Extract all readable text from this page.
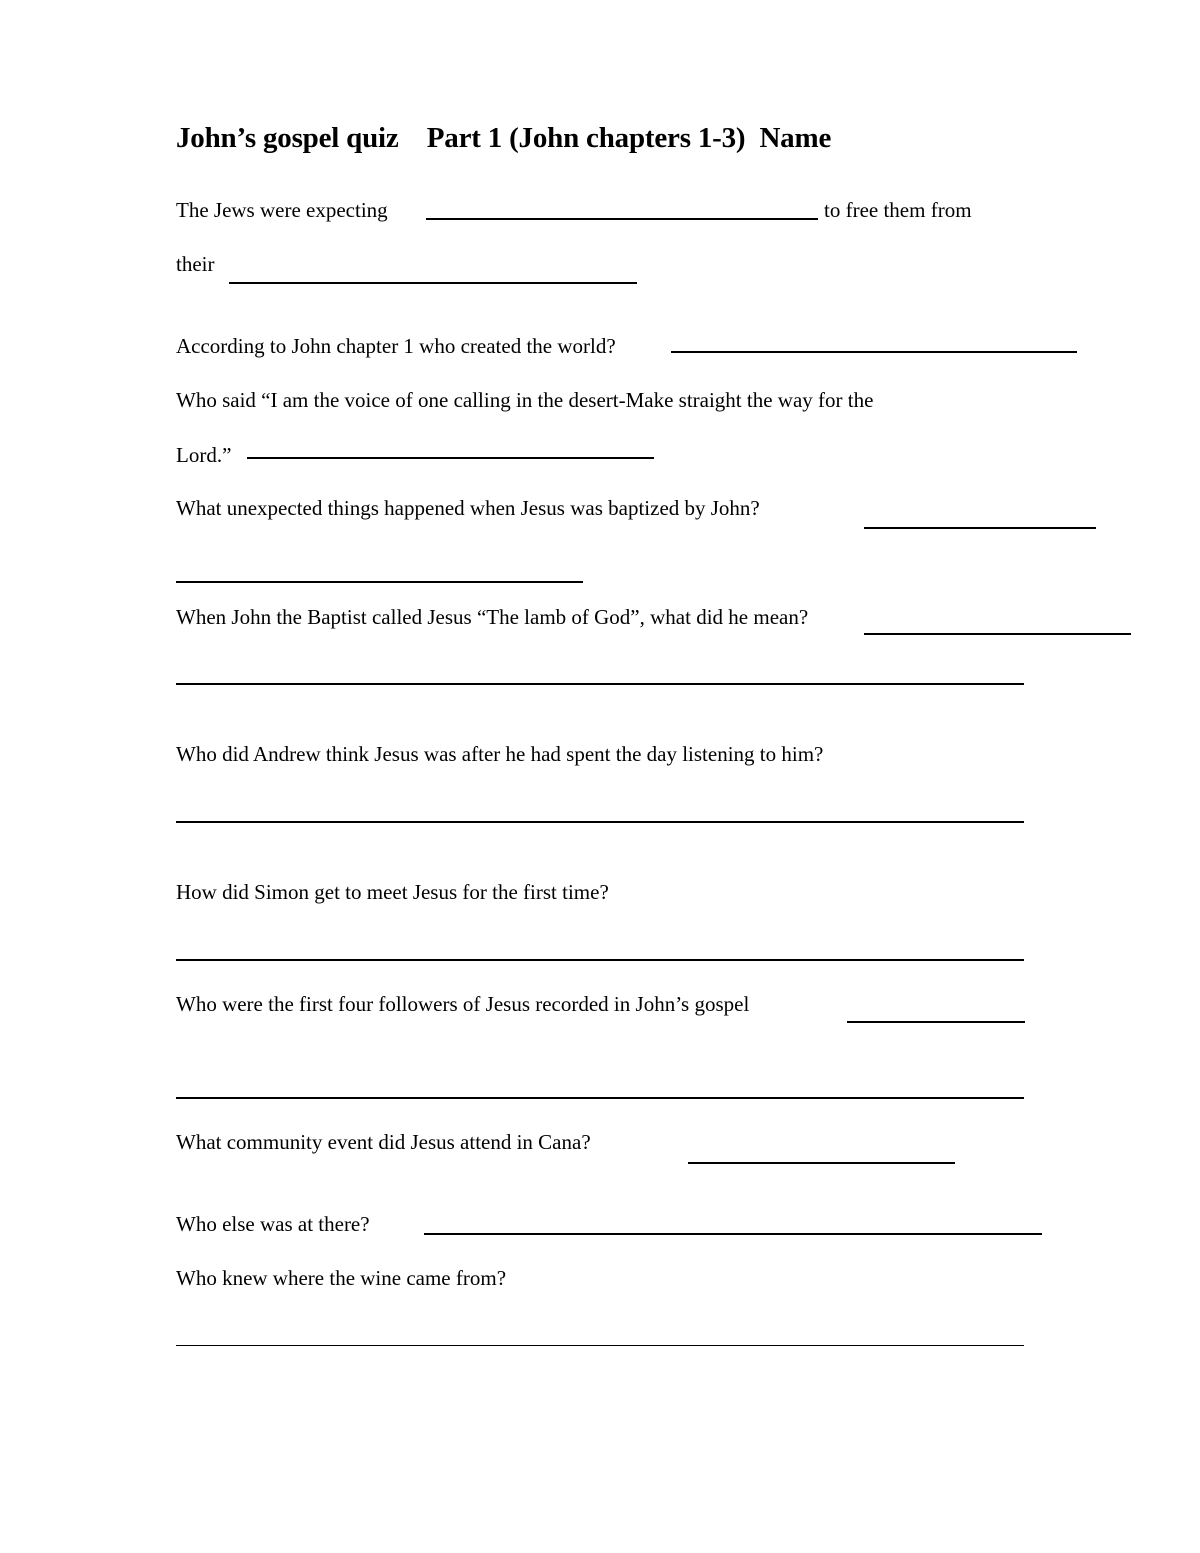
John’s gospel quiz    Part 1 (John chapters 1-3)  Name
The Jews were expecting	to free them from
their
According to John chapter 1 who created the world?
Who said “I am the voice of one calling in the desert-Make straight the way for the
Lord.”
What unexpected things happened when Jesus was baptized by John?
When John the Baptist called Jesus “The lamb of God”, what did he mean?
Who did Andrew think Jesus was after he had spent the day listening to him?
How did Simon get to meet Jesus for the first time?
Who were the first four followers of Jesus recorded in John’s gospel
What community event did Jesus attend in Cana?
Who else was at there?
Who knew where the wine came from?
